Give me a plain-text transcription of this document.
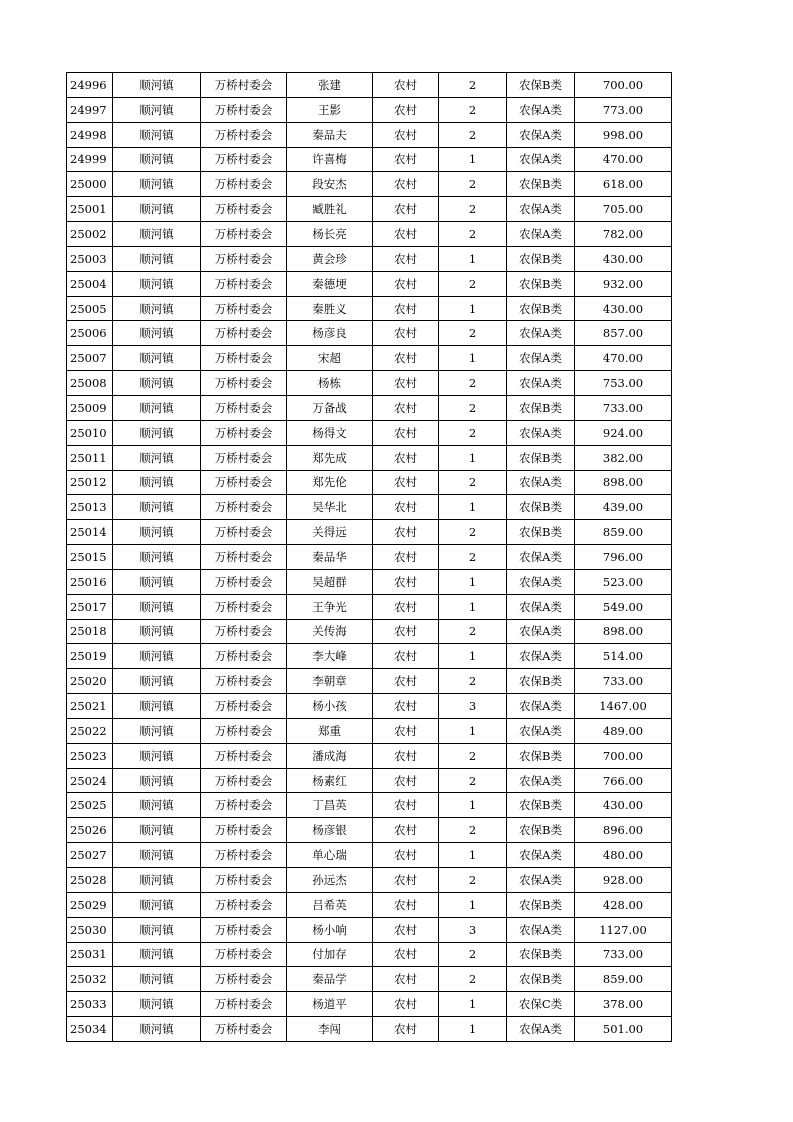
24996	顺河镇	万桥村委会	张建	农村	2	农保B类	700.00
24997	顺河镇	万桥村委会	王影	农村	2	农保A类	773.00
24998	顺河镇	万桥村委会	秦品夫	农村	2	农保A类	998.00
24999	顺河镇	万桥村委会	许喜梅	农村	1	农保A类	470.00
25000	顺河镇	万桥村委会	段安杰	农村	2	农保B类	618.00
25001	顺河镇	万桥村委会	臧胜礼	农村	2	农保A类	705.00
25002	顺河镇	万桥村委会	杨长亮	农村	2	农保A类	782.00
25003	顺河镇	万桥村委会	黄会珍	农村	1	农保B类	430.00
25004	顺河镇	万桥村委会	秦德埂	农村	2	农保B类	932.00
25005	顺河镇	万桥村委会	秦胜义	农村	1	农保B类	430.00
25006	顺河镇	万桥村委会	杨彦良	农村	2	农保A类	857.00
25007	顺河镇	万桥村委会	宋超	农村	1	农保A类	470.00
25008	顺河镇	万桥村委会	杨栋	农村	2	农保A类	753.00
25009	顺河镇	万桥村委会	万备战	农村	2	农保B类	733.00
25010	顺河镇	万桥村委会	杨得文	农村	2	农保A类	924.00
25011	顺河镇	万桥村委会	郑先成	农村	1	农保B类	382.00
25012	顺河镇	万桥村委会	郑先伦	农村	2	农保A类	898.00
25013	顺河镇	万桥村委会	吴华北	农村	1	农保B类	439.00
25014	顺河镇	万桥村委会	关得远	农村	2	农保B类	859.00
25015	顺河镇	万桥村委会	秦品华	农村	2	农保A类	796.00
25016	顺河镇	万桥村委会	吴超群	农村	1	农保A类	523.00
25017	顺河镇	万桥村委会	王争光	农村	1	农保A类	549.00
25018	顺河镇	万桥村委会	关传海	农村	2	农保A类	898.00
25019	顺河镇	万桥村委会	李大峰	农村	1	农保A类	514.00
25020	顺河镇	万桥村委会	李朝章	农村	2	农保B类	733.00
25021	顺河镇	万桥村委会	杨小孩	农村	3	农保A类	1467.00
25022	顺河镇	万桥村委会	郑重	农村	1	农保A类	489.00
25023	顺河镇	万桥村委会	潘成海	农村	2	农保B类	700.00
25024	顺河镇	万桥村委会	杨素红	农村	2	农保A类	766.00
25025	顺河镇	万桥村委会	丁昌英	农村	1	农保B类	430.00
25026	顺河镇	万桥村委会	杨彦银	农村	2	农保B类	896.00
25027	顺河镇	万桥村委会	单心瑞	农村	1	农保A类	480.00
25028	顺河镇	万桥村委会	孙远杰	农村	2	农保A类	928.00
25029	顺河镇	万桥村委会	吕希英	农村	1	农保B类	428.00
25030	顺河镇	万桥村委会	杨小响	农村	3	农保A类	1127.00
25031	顺河镇	万桥村委会	付加存	农村	2	农保B类	733.00
25032	顺河镇	万桥村委会	秦品学	农村	2	农保B类	859.00
25033	顺河镇	万桥村委会	杨道平	农村	1	农保C类	378.00
25034	顺河镇	万桥村委会	李闯	农村	1	农保A类	501.00
